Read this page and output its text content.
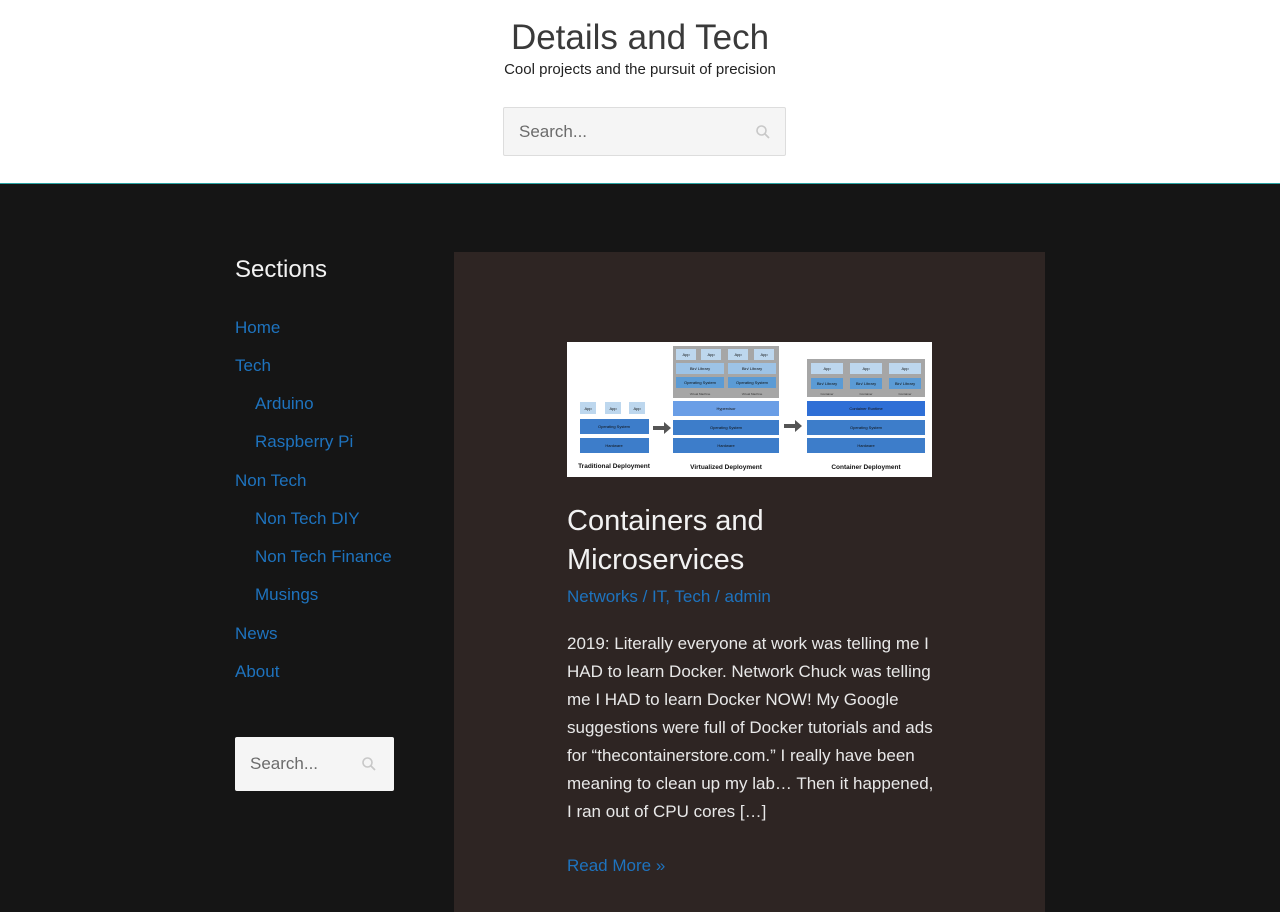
Details and Tech

Cool projects and the pursuit of precision

Search...
Sections
Home
Tech
Arduino
Raspberry Pi
Non Tech
Non Tech DIY
Non Tech Finance
Musings
News
About
Search...
App	App	App
Operating System
Hardware
Traditional Deployment
App	App	App	App
Bin/ Library	Bin/ Library
Operating System	Operating System
Virtual Machine	Virtual Machine
Hypervisor
Operating System
Hardware
Virtualized Deployment
App	App	App
Bin/ Library	Bin/ Library	Bin/ Library
Container	Container	Container
Container Runtime
Operating System
Hardware
Container Deployment
Containers and Microservices
Networks / IT, Tech / admin

2019: Literally everyone at work was telling me I HAD to learn Docker. Network Chuck was telling me I HAD to learn Docker NOW! My Google suggestions were full of Docker tutorials and ads for “thecontainerstore.com.” I really have been meaning to clean up my lab… Then it happened, I ran out of CPU cores […]

Read More »
